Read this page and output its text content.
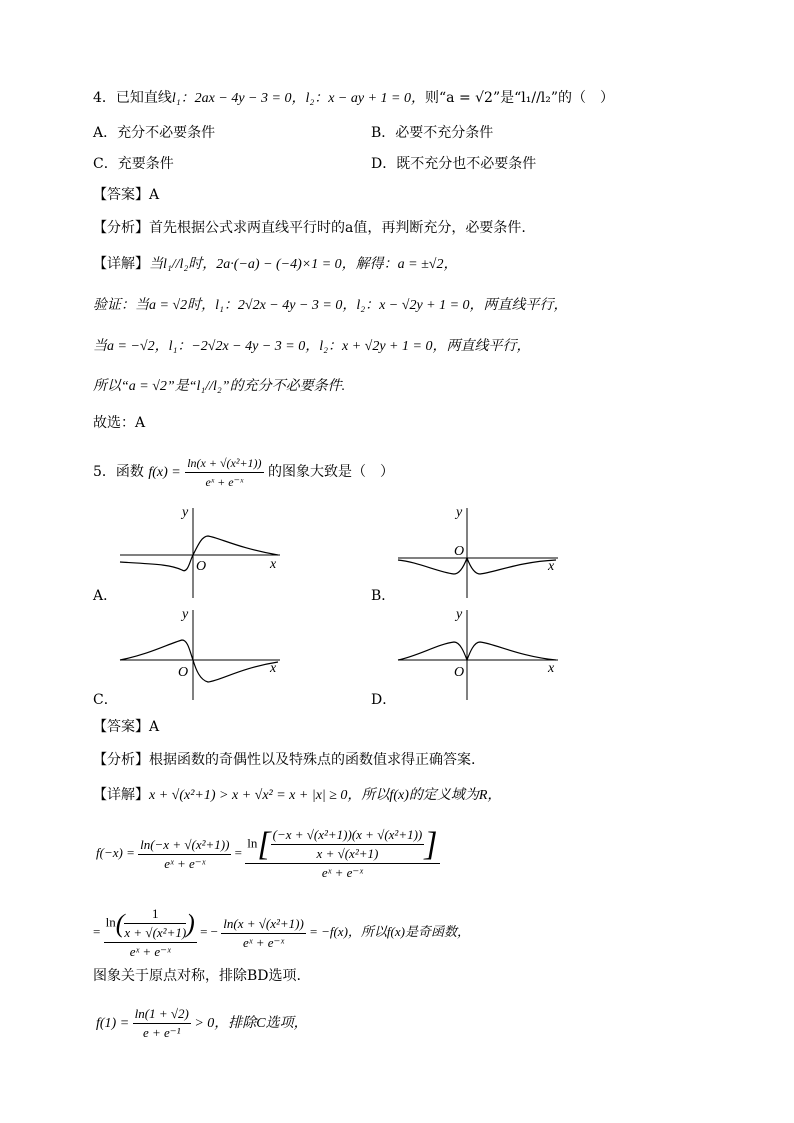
4．已知直线l₁：2ax − 4y − 3 = 0，l₂：x − ay + 1 = 0，则“a = √2”是“l₁//l₂”的（　）
A．充分不必要条件	B．必要不充分条件
C．充要条件	D．既不充分也不必要条件
【答案】A
【分析】首先根据公式求两直线平行时的a值，再判断充分，必要条件.
【详解】当l₁//l₂时，2a·(−a) − (−4)×1 = 0，解得：a = ±√2，
验证：当a = √2时，l₁：2√2x − 4y − 3 = 0，l₂：x − √2y + 1 = 0，两直线平行，
当a = −√2，l₁：−2√2x − 4y − 3 = 0，l₂：x + √2y + 1 = 0，两直线平行，
所以“a = √2”是“l₁//l₂”的充分不必要条件.
故选：A
5．函数 $f(x) = \frac{\text{ln(x + √(x²+1))}}{\text{eˣ + e⁻ˣ}}$ 的图象大致是（　）
y
x
O
A．
y
x
O
B．
y
x
O
C．
y
x
O
D．
【答案】A
【分析】根据函数的奇偶性以及特殊点的函数值求得正确答案.
【详解】x + √(x²+1) > x + √x² = x + |x| ≥ 0，所以f(x)的定义域为R，
$f(-x) = \frac{\text{ln(−x + √(x²+1))}}{\text{eˣ + e⁻ˣ}}$ =
$\ln[ \frac{\text{(−x + √(x²+1))(x + √(x²+1))}}{\text{x + √(x²+1)}}$ ]
eˣ + e⁻ˣ
= $\frac{\ln( \frac{1}{\text{x + √(x²+1)}} )}{\text{eˣ + e⁻ˣ}}$ = − $\frac{\text{ln(x + √(x²+1))}}{\text{eˣ + e⁻ˣ}} = -f(x)$，所以f(x)是奇函数，
图象关于原点对称，排除BD选项.
$f(1) = \frac{\ln(1 + √2)}{\text{e + e⁻¹}} > 0$，排除C选项，
